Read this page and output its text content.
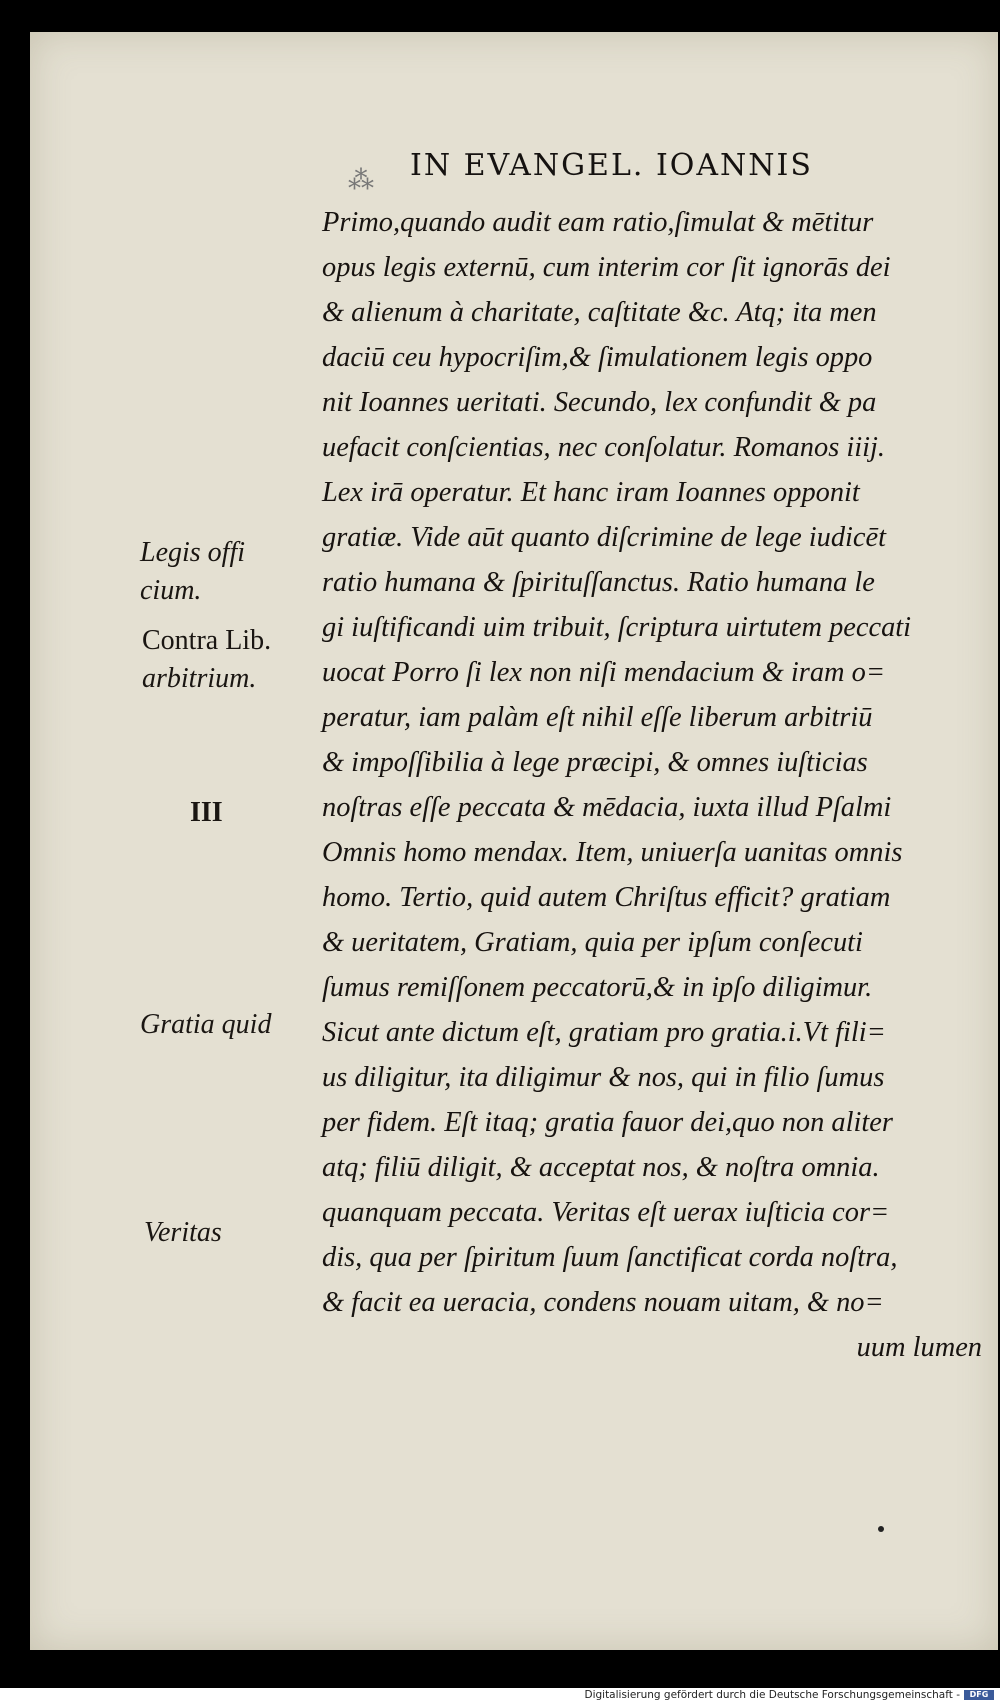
⁂ IN EVANGEL. IOANNIS
Primo,quando audit eam ratio,ſimulat & mētitur
opus legis externū, cum interim cor ſit ignorās dei
& alienum à charitate, caſtitate &c. Atq; ita men
daciū ceu hypocriſim,& ſimulationem legis oppo
nit Ioannes ueritati. Secundo, lex confundit & pa
uefacit conſcientias, nec conſolatur. Romanos iiij.
Lex irā operatur. Et hanc iram Ioannes opponit
gratiæ. Vide aūt quanto diſcrimine de lege iudicēt
ratio humana & ſpirituſſanctus. Ratio humana le
gi iuſtificandi uim tribuit, ſcriptura uirtutem peccati
uocat Porro ſi lex non niſi mendacium & iram o=
peratur, iam palàm eſt nihil eſſe liberum arbitriū
& impoſſibilia à lege præcipi, & omnes iuſticias
noſtras eſſe peccata & mēdacia, iuxta illud Pſalmi
Omnis homo mendax. Item, uniuerſa uanitas omnis
homo. Tertio, quid autem Chriſtus efficit? gratiam
& ueritatem, Gratiam, quia per ipſum conſecuti
ſumus remiſſonem peccatorū,& in ipſo diligimur.
Sicut ante dictum eſt, gratiam pro gratia.i.Vt fili=
us diligitur, ita diligimur & nos, qui in filio ſumus
per fidem. Eſt itaq; gratia fauor dei,quo non aliter
atq; filiū diligit, & acceptat nos, & noſtra omnia.
quanquam peccata. Veritas eſt uerax iuſticia cor=
dis, qua per ſpiritum ſuum ſanctificat corda noſtra,
& facit ea ueracia, condens nouam uitam, & no=
uum lumen
Legis offi
cium.
Contra Lib.
arbitrium.
III
Gratia quid
Veritas
Digitalisierung gefördert durch die Deutsche Forschungsgemeinschaft -	DFG
